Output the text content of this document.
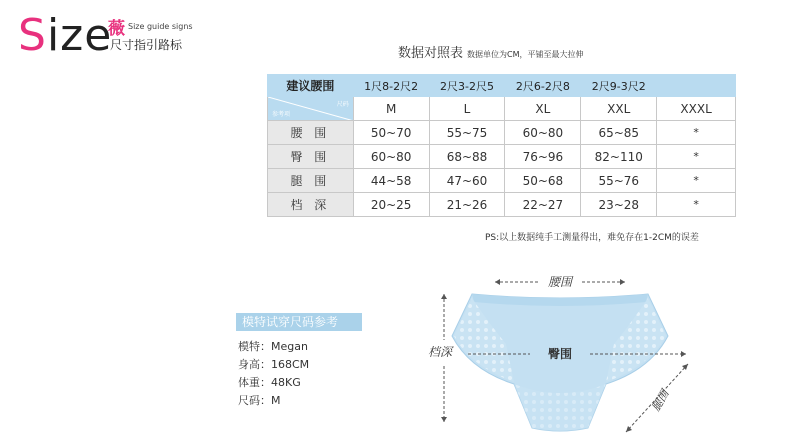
Size
薇 Size guide signs
尺寸指引路标
数据对照表 数据单位为CM，平铺至最大拉伸
建议腰围	1尺8-2尺2	2尺3-2尺5	2尺6-2尺8	2尺9-3尺2	

尺码
参考项	M	L	XL	XXL	XXXL
腰 围	50~70	55~75	60~80	65~85	*
臀 围	60~80	68~88	76~96	82~110	*
腿 围	44~58	47~60	50~68	55~76	*
档 深	20~25	21~26	22~27	23~28	*
PS:以上数据纯手工测量得出，难免存在1-2CM的误差
模特试穿尺码参考
模特：Megan
身高：168CM
体重：48KG
尺码：M
腰围
档深	臀围
腿围
